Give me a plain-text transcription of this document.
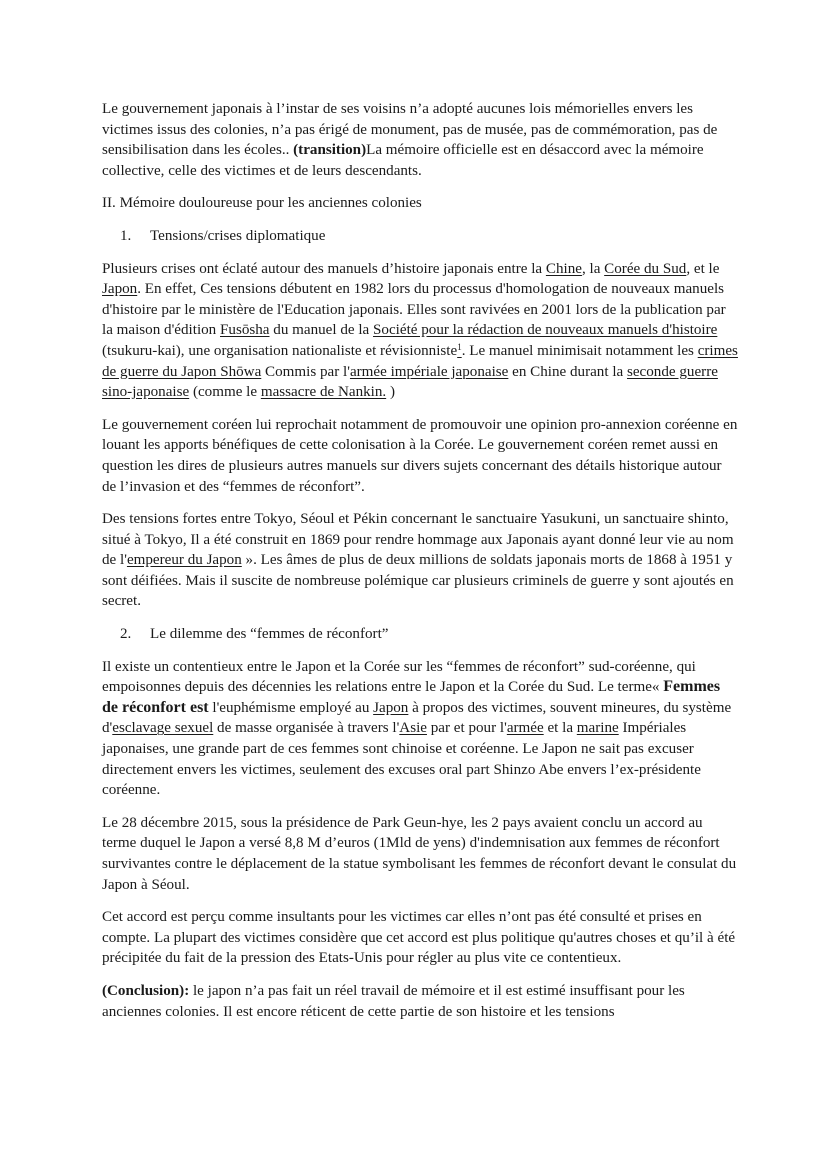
Le gouvernement japonais à l’instar de ses voisins n’a adopté aucunes lois mémorielles envers les victimes issus des colonies, n’a pas érigé de monument, pas de musée, pas de commémoration, pas de sensibilisation dans les écoles.. (transition)La mémoire officielle est en désaccord avec la mémoire collective, celle des victimes et de leurs descendants.

II. Mémoire douloureuse pour les anciennes colonies

1. Tensions/crises diplomatique

Plusieurs crises ont éclaté autour des manuels d’histoire japonais entre la Chine, la Corée du Sud, et le Japon. En effet, Ces tensions débutent en 1982 lors du processus d'homologation de nouveaux manuels d'histoire par le ministère de l'Education japonais. Elles sont ravivées en 2001 lors de la publication par la maison d'édition Fusōsha du manuel de la Société pour la rédaction de nouveaux manuels d'histoire (tsukuru-kai), une organisation nationaliste et révisionniste$^1$. Le manuel minimisait notamment les crimes de guerre du Japon Shōwa Commis par l'armée impériale japonaise en Chine durant la seconde guerre sino-japonaise (comme le massacre de Nankin. )

Le gouvernement coréen lui reprochait notamment de promouvoir une opinion pro-annexion coréenne en louant les apports bénéfiques de cette colonisation à la Corée. Le gouvernement coréen remet aussi en question les dires de plusieurs autres manuels sur divers sujets concernant des détails historique autour de l’invasion et des “femmes de réconfort”.

Des tensions fortes entre Tokyo, Séoul et Pékin concernant le sanctuaire Yasukuni, un sanctuaire shinto, situé à Tokyo, Il a été construit en 1869 pour rendre hommage aux Japonais ayant donné leur vie au nom de l'empereur du Japon ». Les âmes de plus de deux millions de soldats japonais morts de 1868 à 1951 y sont déifiées. Mais il suscite de nombreuse polémique car plusieurs criminels de guerre y sont ajoutés en secret.

2. Le dilemme des “femmes de réconfort”

Il existe un contentieux entre le Japon et la Corée sur les “femmes de réconfort” sud-coréenne, qui empoisonnes depuis des décennies les relations entre le Japon et la Corée du Sud. Le terme« Femmes de réconfort est l'euphémisme employé au Japon à propos des victimes, souvent mineures, du système d'esclavage sexuel de masse organisée à travers l'Asie par et pour l'armée et la marine Impériales japonaises, une grande part de ces femmes sont chinoise et coréenne. Le Japon ne sait pas excuser directement envers les victimes, seulement des excuses oral part Shinzo Abe envers l’ex-présidente coréenne.

Le 28 décembre 2015, sous la présidence de Park Geun-hye, les 2 pays avaient conclu un accord au terme duquel le Japon a versé 8,8 M d’euros (1Mld de yens) d'indemnisation aux femmes de réconfort survivantes contre le déplacement de la statue symbolisant les femmes de réconfort devant le consulat du Japon à Séoul.

Cet accord est perçu comme insultants pour les victimes car elles n’ont pas été consulté et prises en compte. La plupart des victimes considère que cet accord est plus politique qu'autres choses et qu’il à été précipitée du fait de la pression des Etats-Unis pour régler au plus vite ce contentieux.

(Conclusion): le japon n’a pas fait un réel travail de mémoire et il est estimé insuffisant pour les anciennes colonies. Il est encore réticent de cette partie de son histoire et les tensions
